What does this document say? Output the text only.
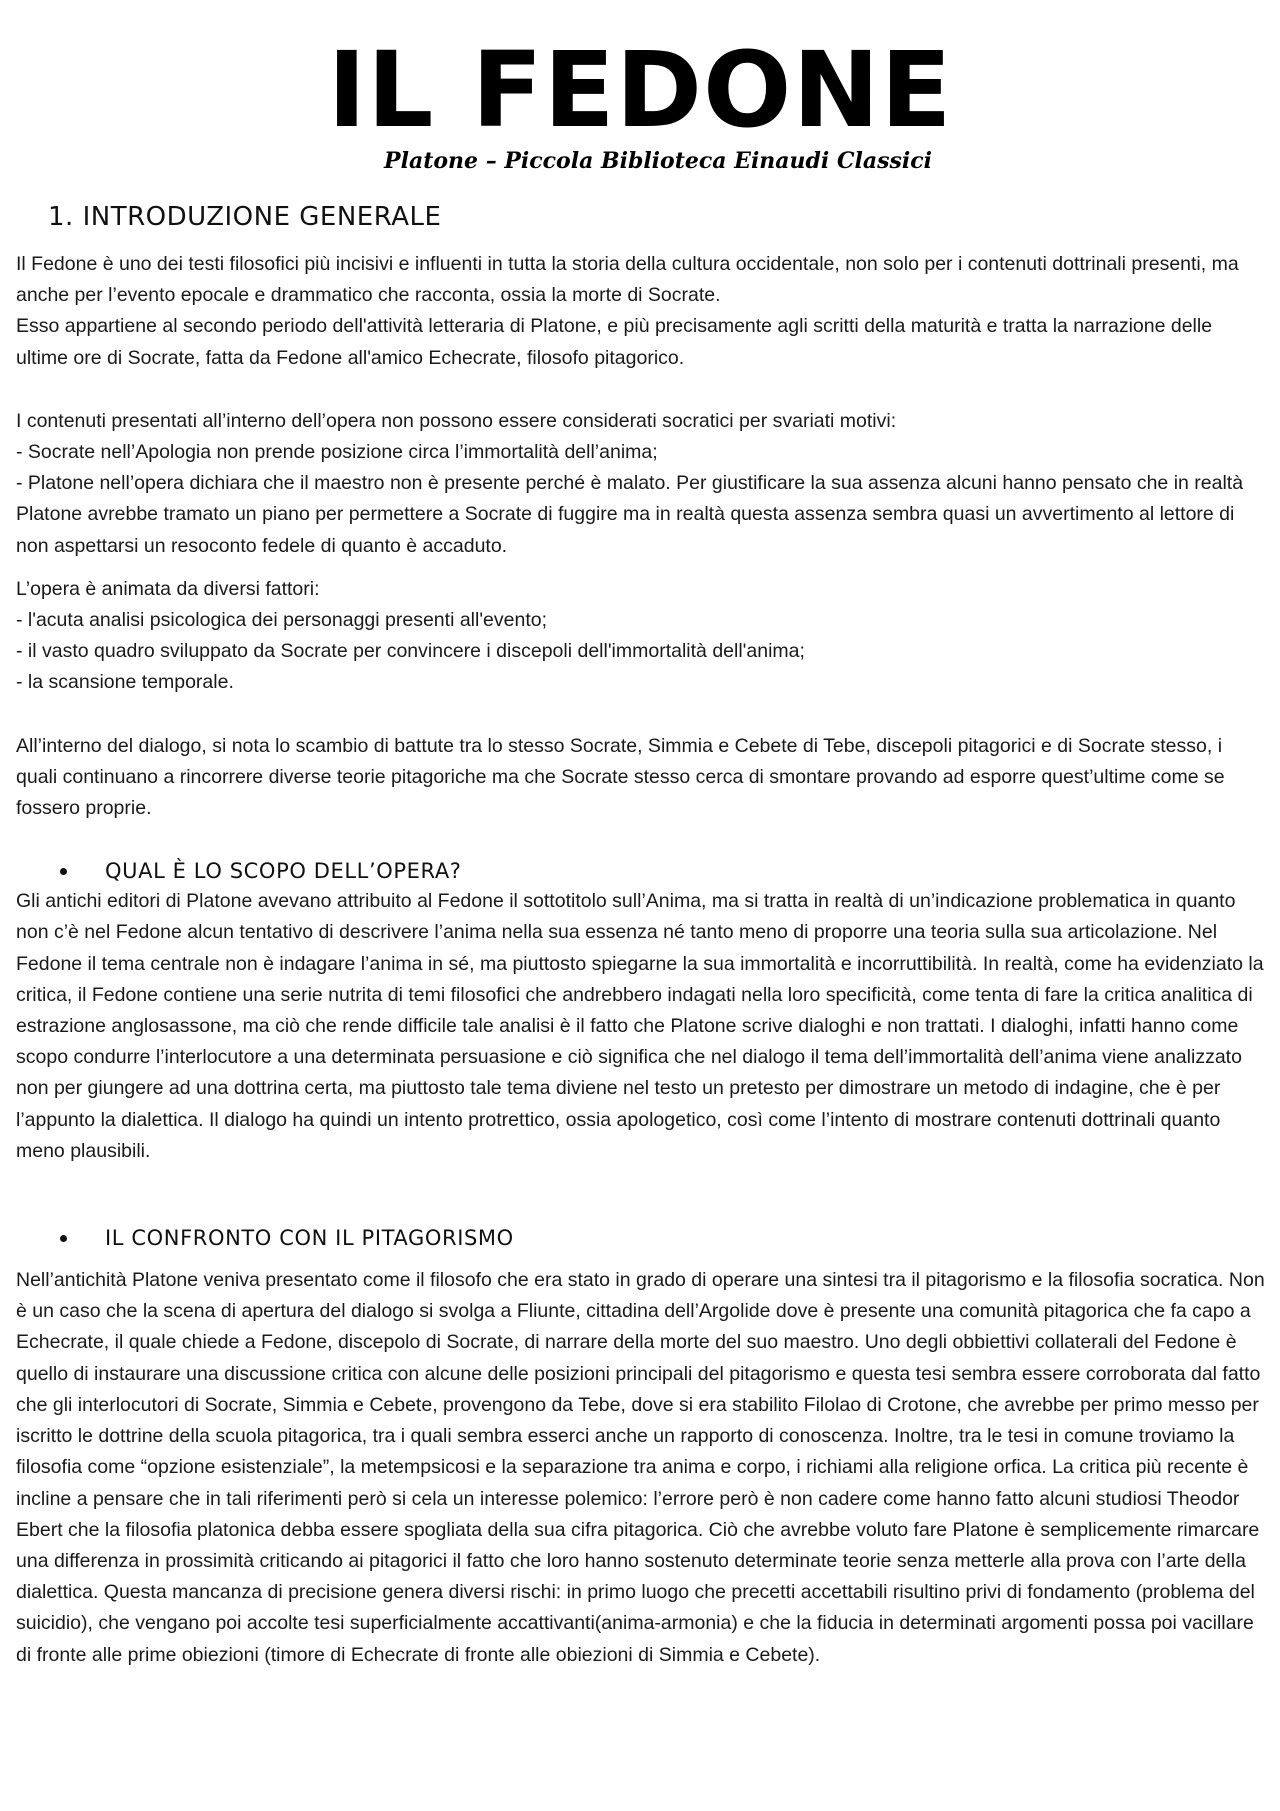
IL FEDONE
Platone – Piccola Biblioteca Einaudi Classici
1. INTRODUZIONE GENERALE

Il Fedone è uno dei testi filosofici più incisivi e influenti in tutta la storia della cultura occidentale, non solo per i contenuti dottrinali presenti, ma anche per l’evento epocale e drammatico che racconta, ossia la morte di Socrate.

Esso appartiene al secondo periodo dell'attività letteraria di Platone, e più precisamente agli scritti della maturità e tratta la narrazione delle ultime ore di Socrate, fatta da Fedone all'amico Echecrate, filosofo pitagorico.

I contenuti presentati all’interno dell’opera non possono essere considerati socratici per svariati motivi:

- Socrate nell’Apologia non prende posizione circa l’immortalità dell’anima;

- Platone nell’opera dichiara che il maestro non è presente perché è malato. Per giustificare la sua assenza alcuni hanno pensato che in realtà Platone avrebbe tramato un piano per permettere a Socrate di fuggire ma in realtà questa assenza sembra quasi un avvertimento al lettore di non aspettarsi un resoconto fedele di quanto è accaduto.

L’opera è animata da diversi fattori:

- l'acuta analisi psicologica dei personaggi presenti all'evento;

- il vasto quadro sviluppato da Socrate per convincere i discepoli dell'immortalità dell'anima;

- la scansione temporale.

All’interno del dialogo, si nota lo scambio di battute tra lo stesso Socrate, Simmia e Cebete di Tebe, discepoli pitagorici e di Socrate stesso, i quali continuano a rincorrere diverse teorie pitagoriche ma che Socrate stesso cerca di smontare provando ad esporre quest’ultime come se fossero proprie.

QUAL È LO SCOPO DELL’OPERA?

Gli antichi editori di Platone avevano attribuito al Fedone il sottotitolo sull’Anima, ma si tratta in realtà di un’indicazione problematica in quanto non c’è nel Fedone alcun tentativo di descrivere l’anima nella sua essenza né tanto meno di proporre una teoria sulla sua articolazione. Nel Fedone il tema centrale non è indagare l’anima in sé, ma piuttosto spiegarne la sua immortalità e incorruttibilità. In realtà, come ha evidenziato la critica, il Fedone contiene una serie nutrita di temi filosofici che andrebbero indagati nella loro specificità, come tenta di fare la critica analitica di estrazione anglosassone, ma ciò che rende difficile tale analisi è il fatto che Platone scrive dialoghi e non trattati. I dialoghi, infatti hanno come scopo condurre l’interlocutore a una determinata persuasione e ciò significa che nel dialogo il tema dell’immortalità dell’anima viene analizzato non per giungere ad una dottrina certa, ma piuttosto tale tema diviene nel testo un pretesto per dimostrare un metodo di indagine, che è per l’appunto la dialettica. Il dialogo ha quindi un intento protrettico, ossia apologetico, così come l’intento di mostrare contenuti dottrinali quanto meno plausibili.

IL CONFRONTO CON IL PITAGORISMO

Nell’antichità Platone veniva presentato come il filosofo che era stato in grado di operare una sintesi tra il pitagorismo e la filosofia socratica. Non è un caso che la scena di apertura del dialogo si svolga a Fliunte, cittadina dell’Argolide dove è presente una comunità pitagorica che fa capo a Echecrate, il quale chiede a Fedone, discepolo di Socrate, di narrare della morte del suo maestro. Uno degli obbiettivi collaterali del Fedone è quello di instaurare una discussione critica con alcune delle posizioni principali del pitagorismo e questa tesi sembra essere corroborata dal fatto che gli interlocutori di Socrate, Simmia e Cebete, provengono da Tebe, dove si era stabilito Filolao di Crotone, che avrebbe per primo messo per iscritto le dottrine della scuola pitagorica, tra i quali sembra esserci anche un rapporto di conoscenza. Inoltre, tra le tesi in comune troviamo la filosofia come “opzione esistenziale”, la metempsicosi e la separazione tra anima e corpo, i richiami alla religione orfica. La critica più recente è incline a pensare che in tali riferimenti però si cela un interesse polemico: l’errore però è non cadere come hanno fatto alcuni studiosi Theodor Ebert che la filosofia platonica debba essere spogliata della sua cifra pitagorica. Ciò che avrebbe voluto fare Platone è semplicemente rimarcare una differenza in prossimità criticando ai pitagorici il fatto che loro hanno sostenuto determinate teorie senza metterle alla prova con l’arte della dialettica. Questa mancanza di precisione genera diversi rischi: in primo luogo che precetti accettabili risultino privi di fondamento (problema del suicidio), che vengano poi accolte tesi superficialmente accattivanti(anima-armonia) e che la fiducia in determinati argomenti possa poi vacillare di fronte alle prime obiezioni (timore di Echecrate di fronte alle obiezioni di Simmia e Cebete).
